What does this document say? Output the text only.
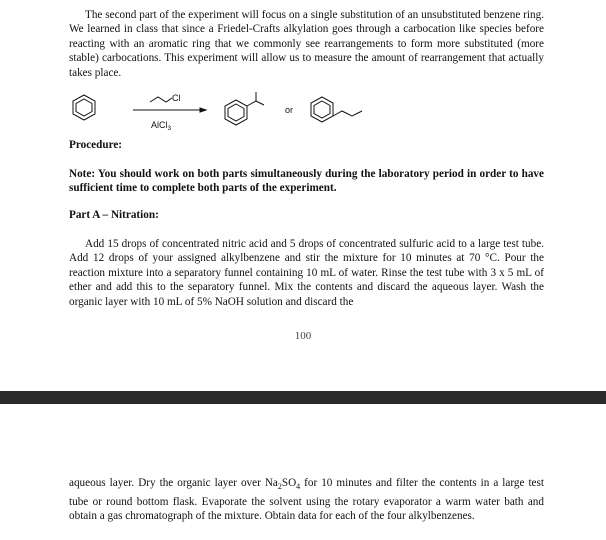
The second part of the experiment will focus on a single substitution of an unsubstituted benzene ring. We learned in class that since a Friedel-Crafts alkylation goes through a carbocation like species before reacting with an aromatic ring that we commonly see rearrangements to form more substituted (more stable) carbocations. This experiment will allow us to measure the amount of rearrangement that actually takes place.

Cl
AlCl$_3$
or

Procedure:

Note: You should work on both parts simultaneously during the laboratory period in order to have sufficient time to complete both parts of the experiment.

Part A – Nitration:

Add 15 drops of concentrated nitric acid and 5 drops of concentrated sulfuric acid to a large test tube. Add 12 drops of your assigned alkylbenzene and stir the mixture for 10 minutes at 70 °C. Pour the reaction mixture into a separatory funnel containing 10 mL of water. Rinse the test tube with 3 x 5 mL of ether and add this to the separatory funnel. Mix the contents and discard the aqueous layer. Wash the organic layer with 10 mL of 5% NaOH solution and discard the

100

aqueous layer. Dry the organic layer over $Na_2SO_4$ for 10 minutes and filter the contents in a large test tube or round bottom flask. Evaporate the solvent using the rotary evaporator a warm water bath and obtain a gas chromatograph of the mixture. Obtain data for each of the four alkylbenzenes.
